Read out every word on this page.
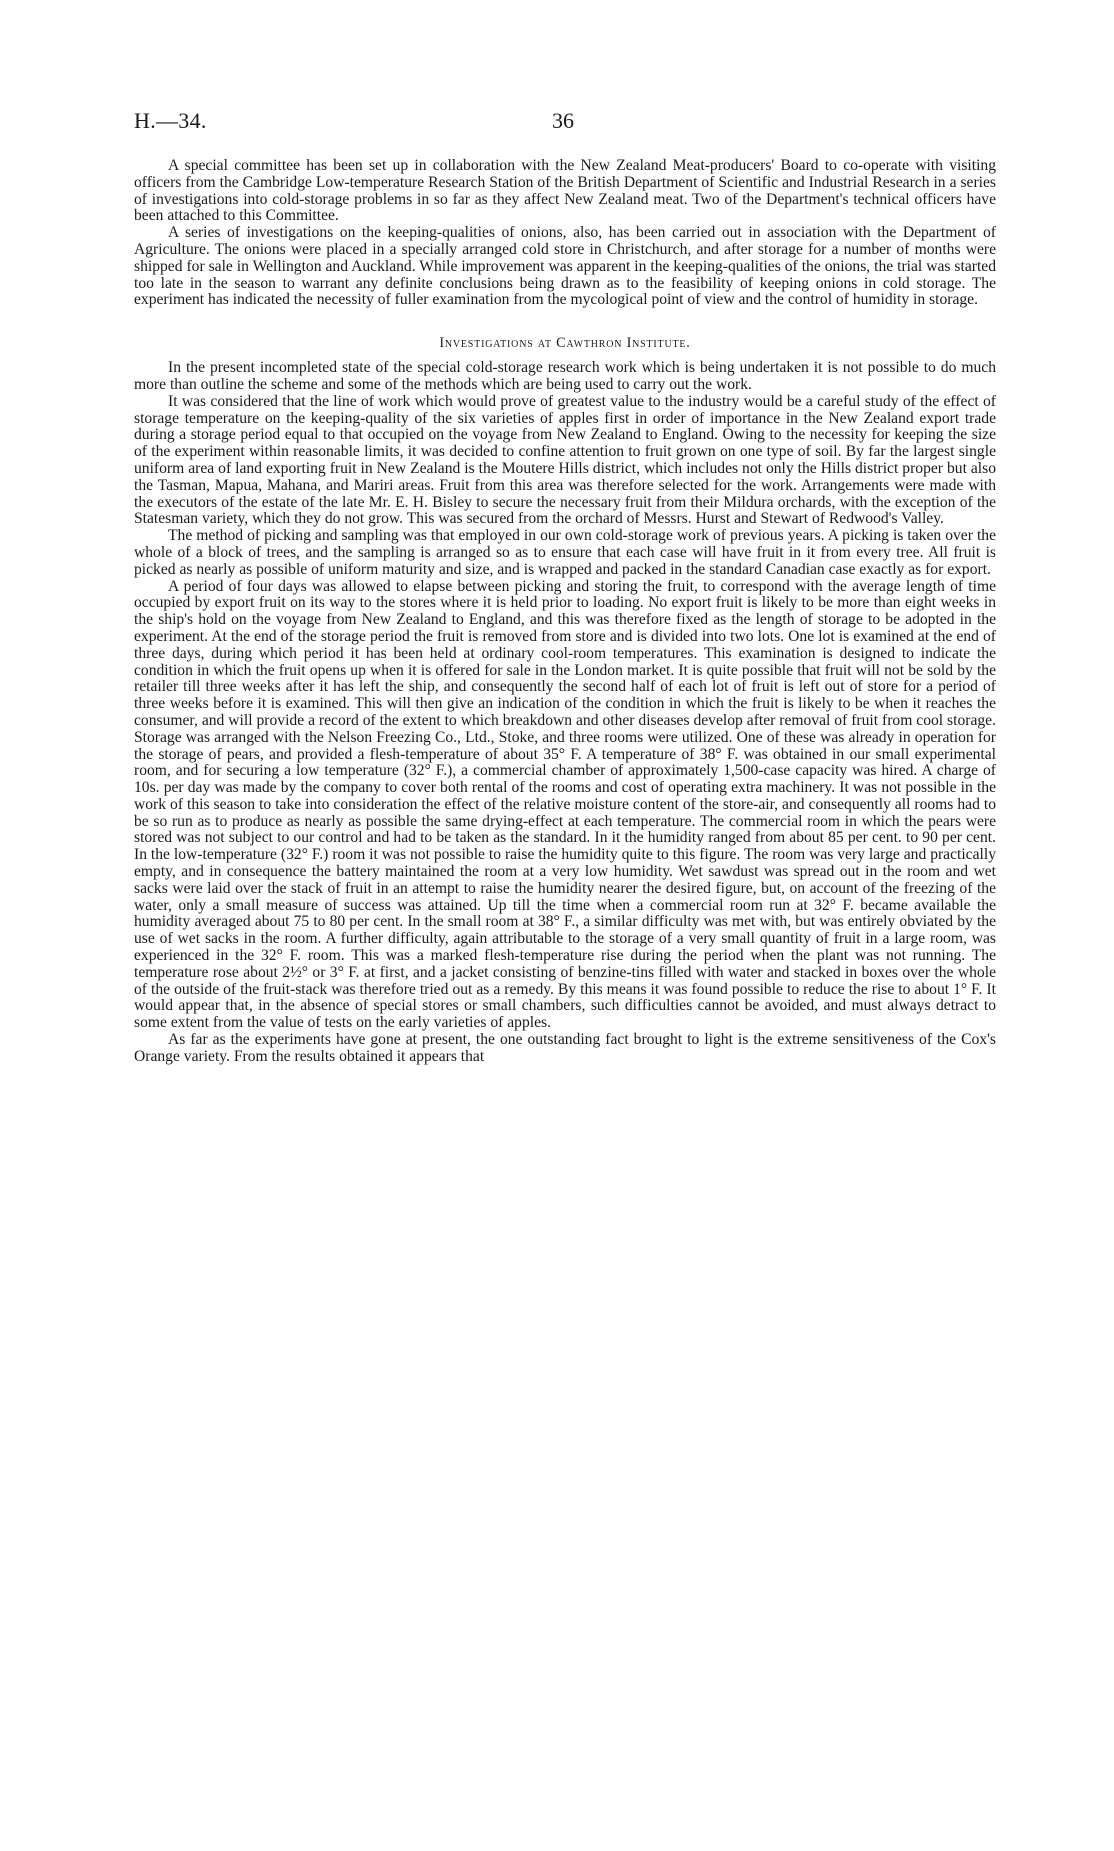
H.—34.	36

A special committee has been set up in collaboration with the New Zealand Meat-producers' Board to co-operate with visiting officers from the Cambridge Low-temperature Research Station of the British Department of Scientific and Industrial Research in a series of investigations into cold-storage problems in so far as they affect New Zealand meat. Two of the Department's technical officers have been attached to this Committee.

A series of investigations on the keeping-qualities of onions, also, has been carried out in association with the Department of Agriculture. The onions were placed in a specially arranged cold store in Christchurch, and after storage for a number of months were shipped for sale in Wellington and Auckland. While improvement was apparent in the keeping-qualities of the onions, the trial was started too late in the season to warrant any definite conclusions being drawn as to the feasibility of keeping onions in cold storage. The experiment has indicated the necessity of fuller examination from the mycological point of view and the control of humidity in storage.

Investigations at Cawthron Institute.

In the present incompleted state of the special cold-storage research work which is being undertaken it is not possible to do much more than outline the scheme and some of the methods which are being used to carry out the work.

It was considered that the line of work which would prove of greatest value to the industry would be a careful study of the effect of storage temperature on the keeping-quality of the six varieties of apples first in order of importance in the New Zealand export trade during a storage period equal to that occupied on the voyage from New Zealand to England. Owing to the necessity for keeping the size of the experiment within reasonable limits, it was decided to confine attention to fruit grown on one type of soil. By far the largest single uniform area of land exporting fruit in New Zealand is the Moutere Hills district, which includes not only the Hills district proper but also the Tasman, Mapua, Mahana, and Mariri areas. Fruit from this area was therefore selected for the work. Arrangements were made with the executors of the estate of the late Mr. E. H. Bisley to secure the necessary fruit from their Mildura orchards, with the exception of the Statesman variety, which they do not grow. This was secured from the orchard of Messrs. Hurst and Stewart of Redwood's Valley.

The method of picking and sampling was that employed in our own cold-storage work of previous years. A picking is taken over the whole of a block of trees, and the sampling is arranged so as to ensure that each case will have fruit in it from every tree. All fruit is picked as nearly as possible of uniform maturity and size, and is wrapped and packed in the standard Canadian case exactly as for export.

A period of four days was allowed to elapse between picking and storing the fruit, to correspond with the average length of time occupied by export fruit on its way to the stores where it is held prior to loading. No export fruit is likely to be more than eight weeks in the ship's hold on the voyage from New Zealand to England, and this was therefore fixed as the length of storage to be adopted in the experiment. At the end of the storage period the fruit is removed from store and is divided into two lots. One lot is examined at the end of three days, during which period it has been held at ordinary cool-room temperatures. This examination is designed to indicate the condition in which the fruit opens up when it is offered for sale in the London market. It is quite possible that fruit will not be sold by the retailer till three weeks after it has left the ship, and consequently the second half of each lot of fruit is left out of store for a period of three weeks before it is examined. This will then give an indication of the condition in which the fruit is likely to be when it reaches the consumer, and will provide a record of the extent to which breakdown and other diseases develop after removal of fruit from cool storage. Storage was arranged with the Nelson Freezing Co., Ltd., Stoke, and three rooms were utilized. One of these was already in operation for the storage of pears, and provided a flesh-temperature of about 35° F. A temperature of 38° F. was obtained in our small experimental room, and for securing a low temperature (32° F.), a commercial chamber of approximately 1,500-case capacity was hired. A charge of 10s. per day was made by the company to cover both rental of the rooms and cost of operating extra machinery. It was not possible in the work of this season to take into consideration the effect of the relative moisture content of the store-air, and consequently all rooms had to be so run as to produce as nearly as possible the same drying-effect at each temperature. The commercial room in which the pears were stored was not subject to our control and had to be taken as the standard. In it the humidity ranged from about 85 per cent. to 90 per cent. In the low-temperature (32° F.) room it was not possible to raise the humidity quite to this figure. The room was very large and practically empty, and in consequence the battery maintained the room at a very low humidity. Wet sawdust was spread out in the room and wet sacks were laid over the stack of fruit in an attempt to raise the humidity nearer the desired figure, but, on account of the freezing of the water, only a small measure of success was attained. Up till the time when a commercial room run at 32° F. became available the humidity averaged about 75 to 80 per cent. In the small room at 38° F., a similar difficulty was met with, but was entirely obviated by the use of wet sacks in the room. A further difficulty, again attributable to the storage of a very small quantity of fruit in a large room, was experienced in the 32° F. room. This was a marked flesh-temperature rise during the period when the plant was not running. The temperature rose about 2½° or 3° F. at first, and a jacket consisting of benzine-tins filled with water and stacked in boxes over the whole of the outside of the fruit-stack was therefore tried out as a remedy. By this means it was found possible to reduce the rise to about 1° F. It would appear that, in the absence of special stores or small chambers, such difficulties cannot be avoided, and must always detract to some extent from the value of tests on the early varieties of apples.

As far as the experiments have gone at present, the one outstanding fact brought to light is the extreme sensitiveness of the Cox's Orange variety. From the results obtained it appears that
